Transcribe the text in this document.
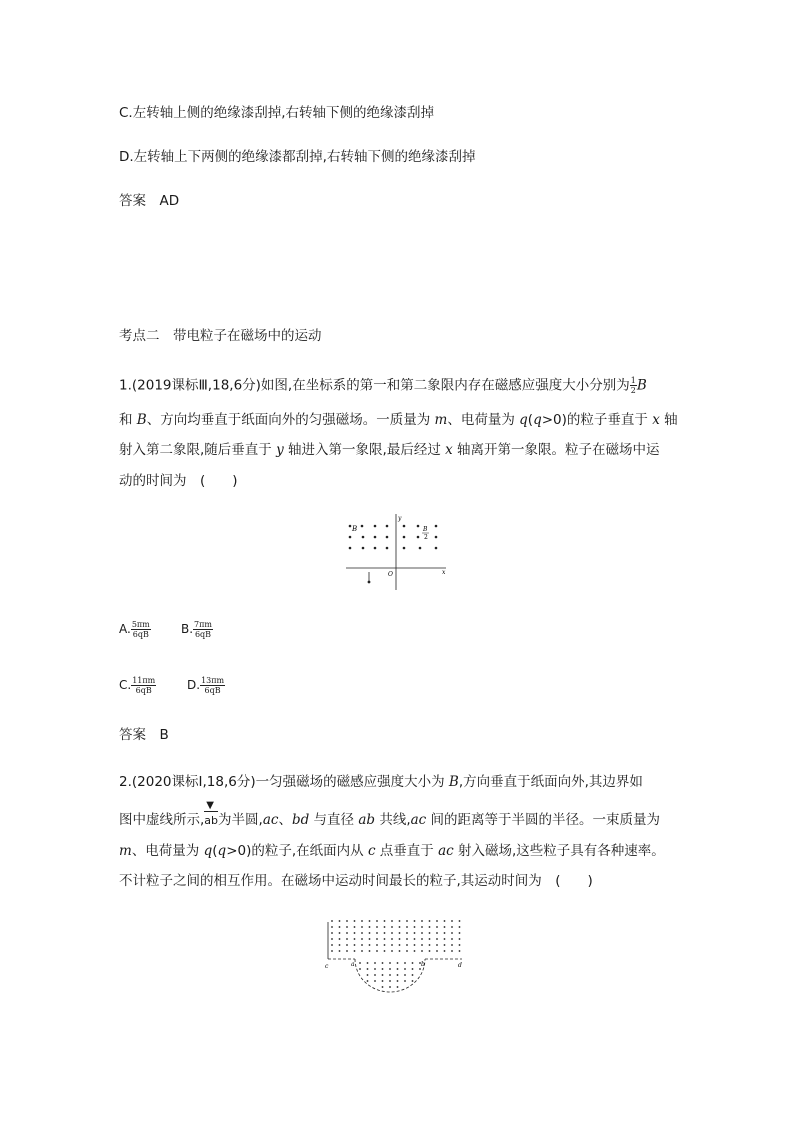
C.左转轴上侧的绝缘漆刮掉,右转轴下侧的绝缘漆刮掉
D.左转轴上下两侧的绝缘漆都刮掉,右转轴下侧的绝缘漆刮掉
答案　AD
考点二　带电粒子在磁场中的运动
1.(2019课标Ⅲ,18,6分)如图,在坐标系的第一和第二象限内存在磁感应强度大小分别为 $\frac{1}{2}$ B
和 B、方向均垂直于纸面向外的匀强磁场。一质量为 m、电荷量为 q(q>0)的粒子垂直于 x 轴
射入第二象限,随后垂直于 y 轴进入第一象限,最后经过 x 轴离开第一象限。粒子在磁场中运
动的时间为　(　　)
B	B
2
y
x
O
A. $\frac{5\pi m}{6qB}$	B. $\frac{7\pi m}{6qB}$
C. $\frac{11\pi m}{6qB}$	D. $\frac{13\pi m}{6qB}$
答案　B
2.(2020课标Ⅰ,18,6分)一匀强磁场的磁感应强度大小为 B,方向垂直于纸面向外,其边界如
图中虚线所示,
▼
ab为半圆,ac、bd 与直径 ab 共线,ac 间的距离等于半圆的半径。一束质量为
m、电荷量为 q(q>0)的粒子,在纸面内从 c 点垂直于 ac 射入磁场,这些粒子具有各种速率。
不计粒子之间的相互作用。在磁场中运动时间最长的粒子,其运动时间为　(　　)
c	a	b	d
